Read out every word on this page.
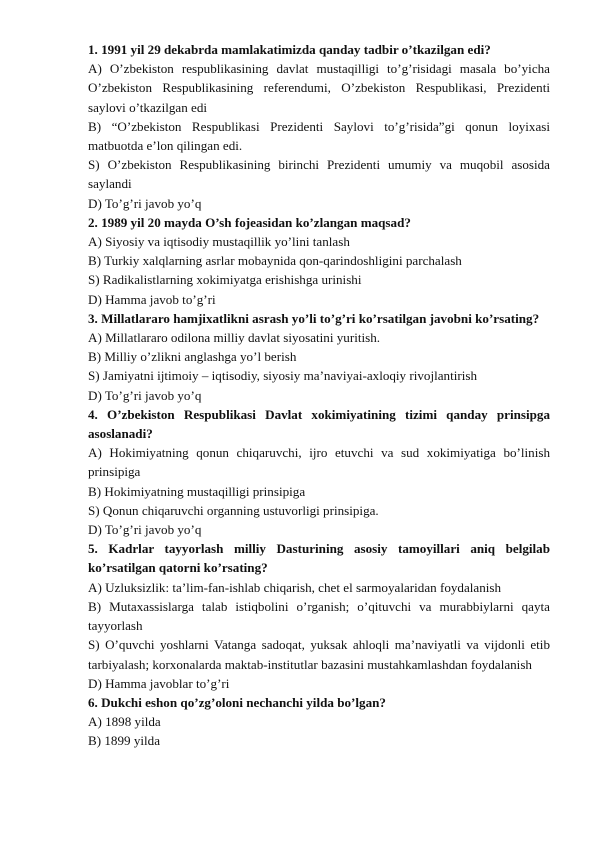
1. 1991 yil 29 dekabrda mamlakatimizda qanday tadbir o’tkazilgan edi?
A) O’zbekiston respublikasining davlat mustaqilligi to’g’risidagi masala bo’yicha O’zbekiston Respublikasining referendumi, O’zbekiston Respublikasi, Prezidenti saylovi o’tkazilgan edi
B) “O’zbekiston Respublikasi Prezidenti Saylovi to’g’risida”gi qonun loyixasi matbuotda e’lon qilingan edi.
S) O’zbekiston Respublikasining birinchi Prezidenti umumiy va muqobil asosida saylandi
D) To’g’ri javob yo’q
2. 1989 yil 20 mayda O’sh fojeasidan ko’zlangan maqsad?
A) Siyosiy va iqtisodiy mustaqillik yo’lini tanlash
B) Turkiy xalqlarning asrlar mobaynida qon-qarindoshligini parchalash
S) Radikalistlarning xokimiyatga erishishga urinishi
D) Hamma javob to’g’ri
3. Millatlararo hamjixatlikni asrash yo’li to’g’ri ko’rsatilgan javobni ko’rsating?
A) Millatlararo odilona milliy davlat siyosatini yuritish.
B) Milliy o’zlikni anglashga yo’l berish
S) Jamiyatni ijtimoiy – iqtisodiy, siyosiy ma’naviyai-axloqiy rivojlantirish
D) To’g’ri javob yo’q
4. O’zbekiston Respublikasi Davlat xokimiyatining tizimi qanday prinsipga asoslanadi?
A) Hokimiyatning qonun chiqaruvchi, ijro etuvchi va sud xokimiyatiga bo’linish prinsipiga
B) Hokimiyatning mustaqilligi prinsipiga
S) Qonun chiqaruvchi organning ustuvorligi prinsipiga.
D) To’g’ri javob yo’q
5. Kadrlar tayyorlash milliy Dasturining asosiy tamoyillari aniq belgilab ko’rsatilgan qatorni ko’rsating?
A) Uzluksizlik: ta’lim-fan-ishlab chiqarish, chet el sarmoyalaridan foydalanish
B) Mutaxassislarga talab istiqbolini o’rganish; o’qituvchi va murabbiylarni qayta tayyorlash
S) O’quvchi yoshlarni Vatanga sadoqat, yuksak ahloqli ma’naviyatli va vijdonli etib tarbiyalash; korxonalarda maktab-institutlar bazasini mustahkamlashdan foydalanish
D) Hamma javoblar to’g’ri
6. Dukchi eshon qo’zg’oloni nechanchi yilda bo’lgan?
A) 1898 yilda
B) 1899 yilda
